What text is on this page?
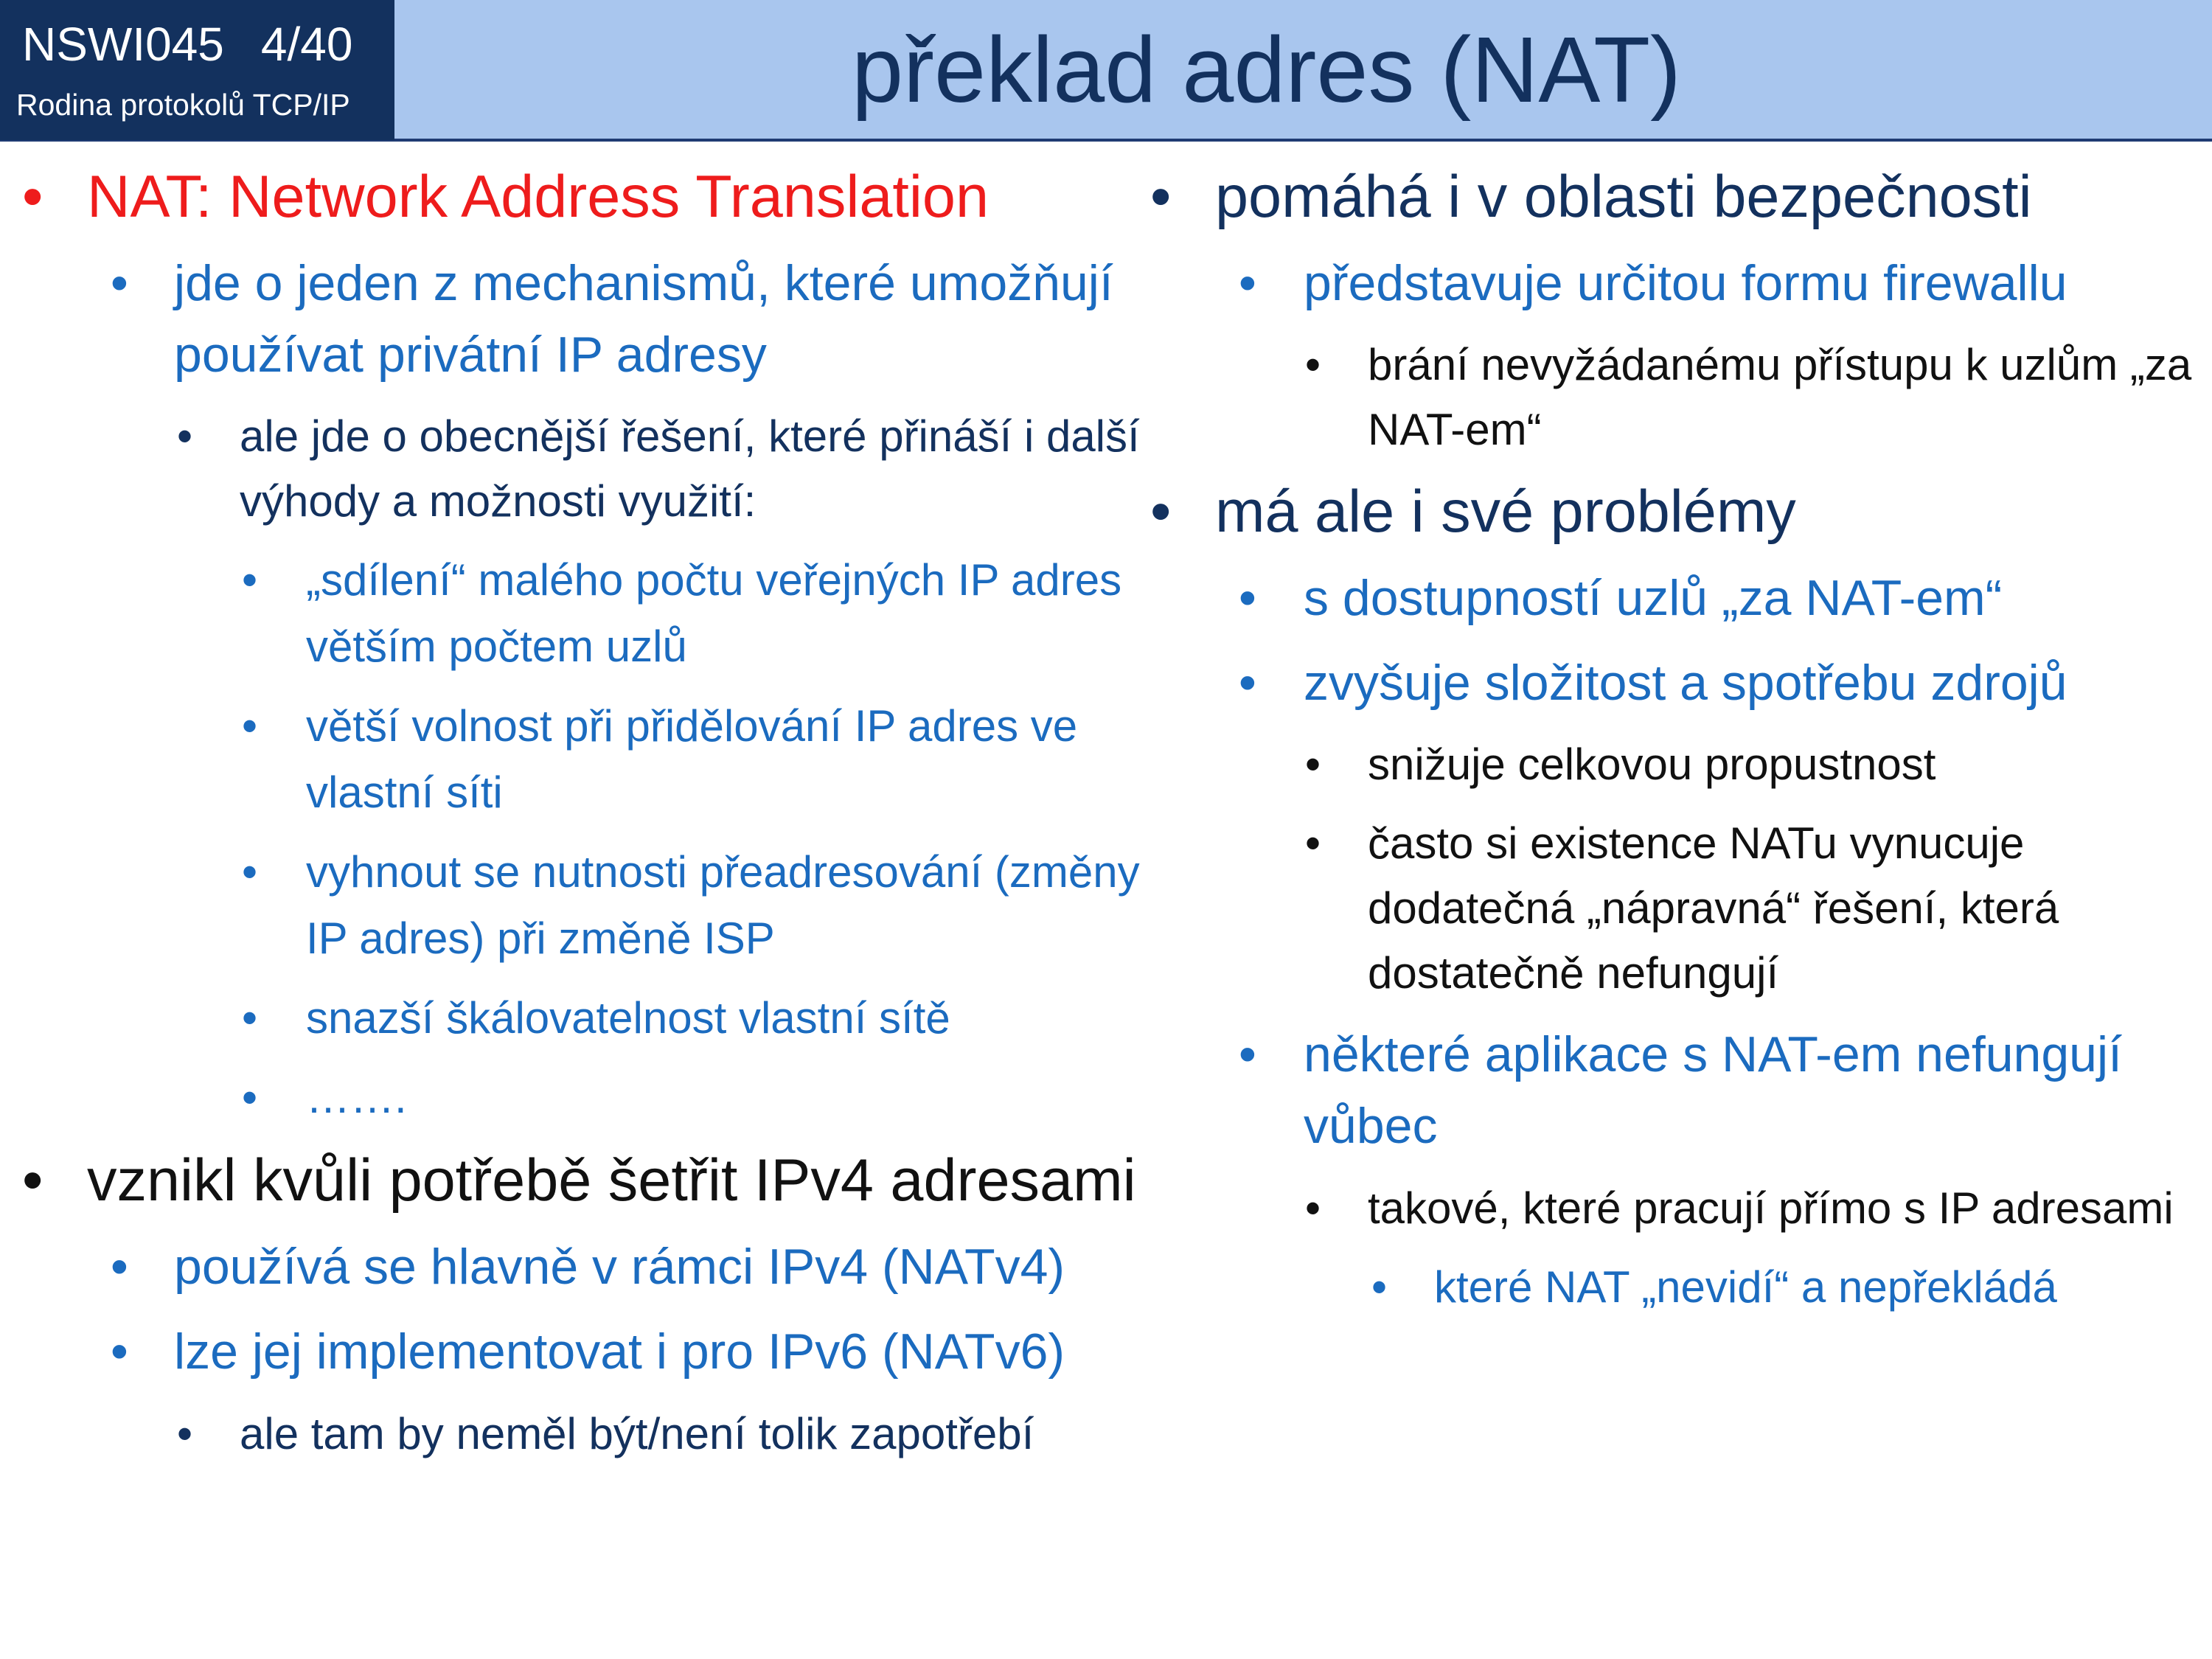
NSWI045 4/40
Rodina protokolů TCP/IP	překlad adres (NAT)
• NAT: Network Address Translation
• jde o jeden z mechanismů, které umožňují používat privátní IP adresy
• ale jde o obecnější řešení, které přináší i další výhody a možnosti využití:
• „sdílení“ malého počtu veřejných IP adres větším počtem uzlů
• větší volnost při přidělování IP adres ve vlastní síti
• vyhnout se nutnosti přeadresování (změny IP adres) při změně ISP
• snazší škálovatelnost vlastní sítě
• …….
• vznikl kvůli potřebě šetřit IPv4 adresami
• používá se hlavně v rámci IPv4 (NATv4)
• lze jej implementovat i pro IPv6 (NATv6)
• ale tam by neměl být/není tolik zapotřebí
• pomáhá i v oblasti bezpečnosti
• představuje určitou formu firewallu
• brání nevyžádanému přístupu k uzlům „za NAT-em“
• má ale i své problémy
• s dostupností uzlů „za NAT-em“
• zvyšuje složitost a spotřebu zdrojů
• snižuje celkovou propustnost
• často si existence NATu vynucuje dodatečná „nápravná“ řešení, která dostatečně nefungují
• některé aplikace s NAT-em nefungují vůbec
• takové, které pracují přímo s IP adresami
• které NAT „nevidí“ a nepřekládá
